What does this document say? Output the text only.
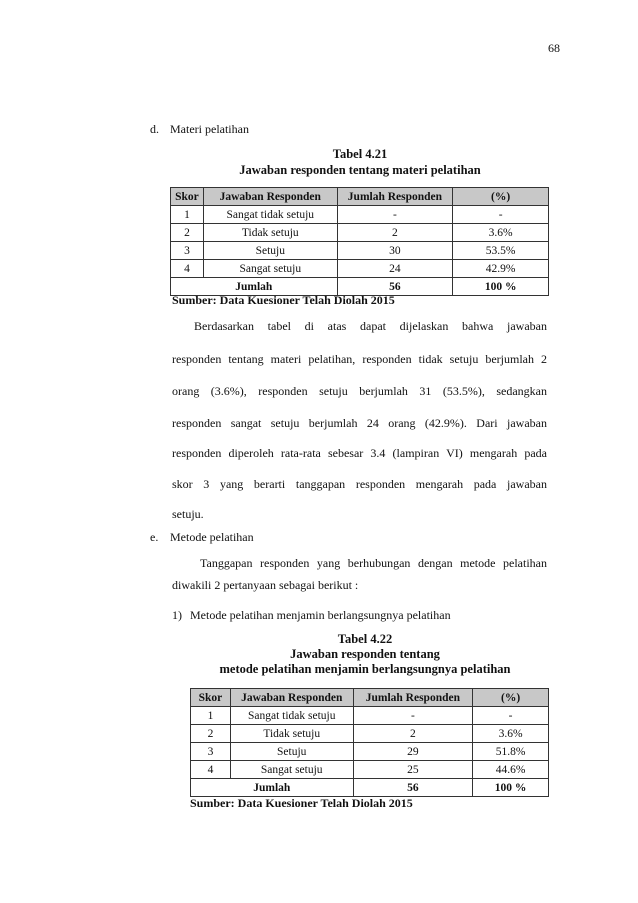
68
d. Materi pelatihan
Tabel 4.21
Jawaban responden tentang materi pelatihan
Skor	Jawaban Responden	Jumlah Responden	(%)
1	Sangat tidak setuju	-	-
2	Tidak setuju	2	3.6%
3	Setuju	30	53.5%
4	Sangat setuju	24	42.9%
Jumlah		56	100 %
Sumber: Data Kuesioner Telah Diolah 2015
Berdasarkan tabel di atas dapat dijelaskan bahwa jawaban
responden tentang materi pelatihan, responden tidak setuju berjumlah 2
orang (3.6%), responden setuju berjumlah 31 (53.5%), sedangkan
responden sangat setuju berjumlah 24 orang (42.9%). Dari jawaban
responden diperoleh rata-rata sebesar 3.4 (lampiran VI) mengarah pada
skor 3 yang berarti tanggapan responden mengarah pada jawaban
setuju.
e. Metode pelatihan
Tanggapan responden yang berhubungan dengan metode pelatihan
diwakili 2 pertanyaan sebagai berikut :
1) Metode pelatihan menjamin berlangsungnya pelatihan
Tabel 4.22
Jawaban responden tentang
metode pelatihan menjamin berlangsungnya pelatihan
Skor	Jawaban Responden	Jumlah Responden	(%)
1	Sangat tidak setuju	-	-
2	Tidak setuju	2	3.6%
3	Setuju	29	51.8%
4	Sangat setuju	25	44.6%
Jumlah		56	100 %
Sumber: Data Kuesioner Telah Diolah 2015
